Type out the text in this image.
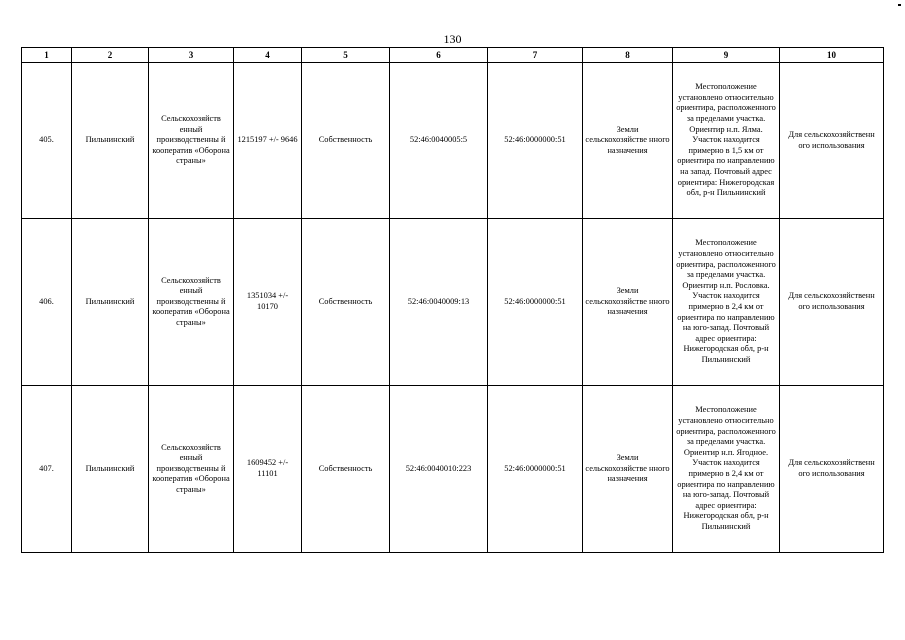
130
1	2	3	4	5	6	7	8	9	10
405.	Пильнинский	Сельскохозяйств енный производственны й кооператив «Оборона страны»	1215197 +/- 9646	Собственность	52:46:0040005:5	52:46:0000000:51	Земли сельскохозяйстве нного назначения	Местоположение установлено относительно ориентира, расположенного за пределами участка. Ориентир н.п. Ялма. Участок находится примерно в 1,5 км от ориентира по направлению на запад. Почтовый адрес ориентира: Нижегородская обл, р-н Пильнинский	Для сельскохозяйственн ого использования
406.	Пильнинский	Сельскохозяйств енный производственны й кооператив «Оборона страны»	1351034 +/- 10170	Собственность	52:46:0040009:13	52:46:0000000:51	Земли сельскохозяйстве нного назначения	Местоположение установлено относительно ориентира, расположенного за пределами участка. Ориентир н.п. Рословка. Участок находится примерно в 2,4 км от ориентира по направлению на юго-запад. Почтовый адрес ориентира: Нижегородская обл, р-н Пильнинский	Для сельскохозяйственн ого использования
407.	Пильнинский	Сельскохозяйств енный производственны й кооператив «Оборона страны»	1609452 +/- 11101	Собственность	52:46:0040010:223	52:46:0000000:51	Земли сельскохозяйстве нного назначения	Местоположение установлено относительно ориентира, расположенного за пределами участка. Ориентир н.п. Ягодное. Участок находится примерно в 2,4 км от ориентира по направлению на юго-запад. Почтовый адрес ориентира: Нижегородская обл, р-н Пильнинский	Для сельскохозяйственн ого использования
